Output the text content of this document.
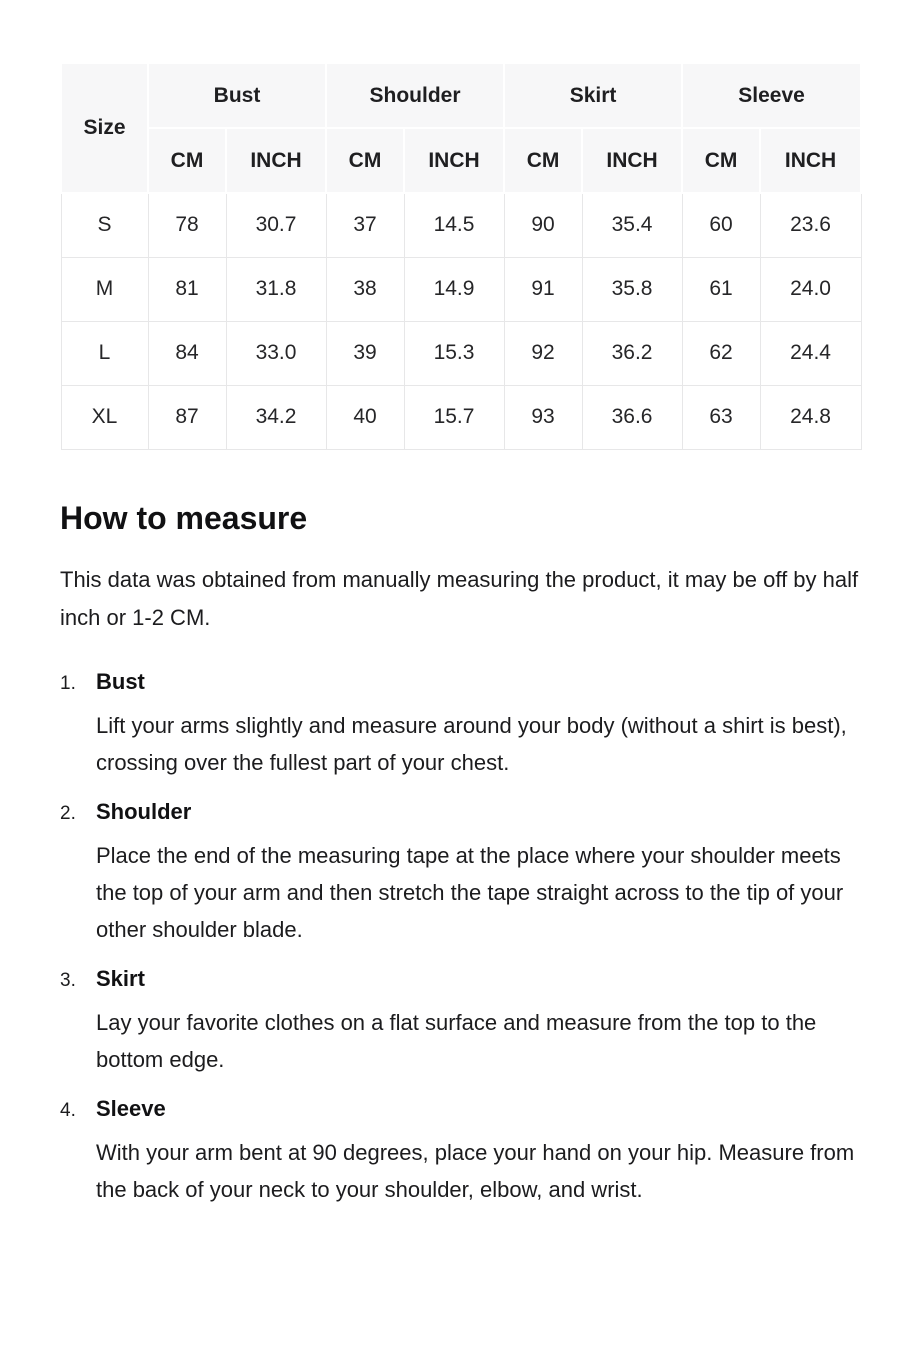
Size	Bust		Shoulder		Skirt		Sleeve	
	CM	INCH	CM	INCH	CM	INCH	CM	INCH
S	78	30.7	37	14.5	90	35.4	60	23.6
M	81	31.8	38	14.9	91	35.8	61	24.0
L	84	33.0	39	15.3	92	36.2	62	24.4
XL	87	34.2	40	15.7	93	36.6	63	24.8
How to measure

This data was obtained from manually measuring the product, it may be off by half inch or 1-2 CM.

1. Bust

Lift your arms slightly and measure around your body (without a shirt is best), crossing over the fullest part of your chest.

2. Shoulder

Place the end of the measuring tape at the place where your shoulder meets the top of your arm and then stretch the tape straight across to the tip of your other shoulder blade.

3. Skirt

Lay your favorite clothes on a flat surface and measure from the top to the bottom edge.

4. Sleeve

With your arm bent at 90 degrees, place your hand on your hip. Measure from the back of your neck to your shoulder, elbow, and wrist.
